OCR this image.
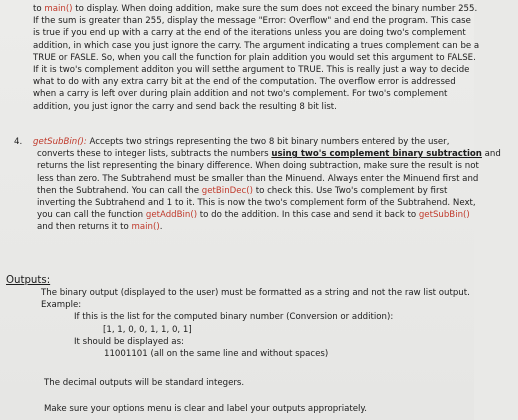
to main() to display. When doing addition, make sure the sum does not exceed the binary number 255.
If the sum is greater than 255, display the message "Error: Overflow" and end the program. This case
is true if you end up with a carry at the end of the iterations unless you are doing two's complement
addition, in which case you just ignore the carry. The argument indicating a trues complement can be a
TRUE or FASLE. So, when you call the function for plain addition you would set this argument to FALSE.
If it is two's complement additon you will setthe argument to TRUE. This is really just a way to decide
what to do with any extra carry bit at the end of the computation. The overflow error is addressed
when a carry is left over during plain addition and not two's complement. For two's complement
addition, you just ignor the carry and send back the resulting 8 bit list.
4. getSubBin(): Accepts two strings representing the two 8 bit binary numbers entered by the user,
converts these to integer lists, subtracts the numbers using two's complement binary subtraction and
returns the list representing the binary difference. When doing subtraction, make sure the result is not
less than zero. The Subtrahend must be smaller than the Minuend. Always enter the Minuend first and
then the Subtrahend. You can call the getBinDec() to check this. Use Two's complement by first
inverting the Subtrahend and 1 to it. This is now the two's complement form of the Subtrahend. Next,
you can call the function getAddBin() to do the addition. In this case and send it back to getSubBin()
and then returns it to main().
Outputs:
The binary output (displayed to the user) must be formatted as a string and not the raw list output.
Example:
If this is the list for the computed binary number (Conversion or addition):
[1, 1, 0, 0, 1, 1, 0, 1]
It should be displayed as:
11001101 (all on the same line and without spaces)
The decimal outputs will be standard integers.
Make sure your options menu is clear and label your outputs appropriately.
